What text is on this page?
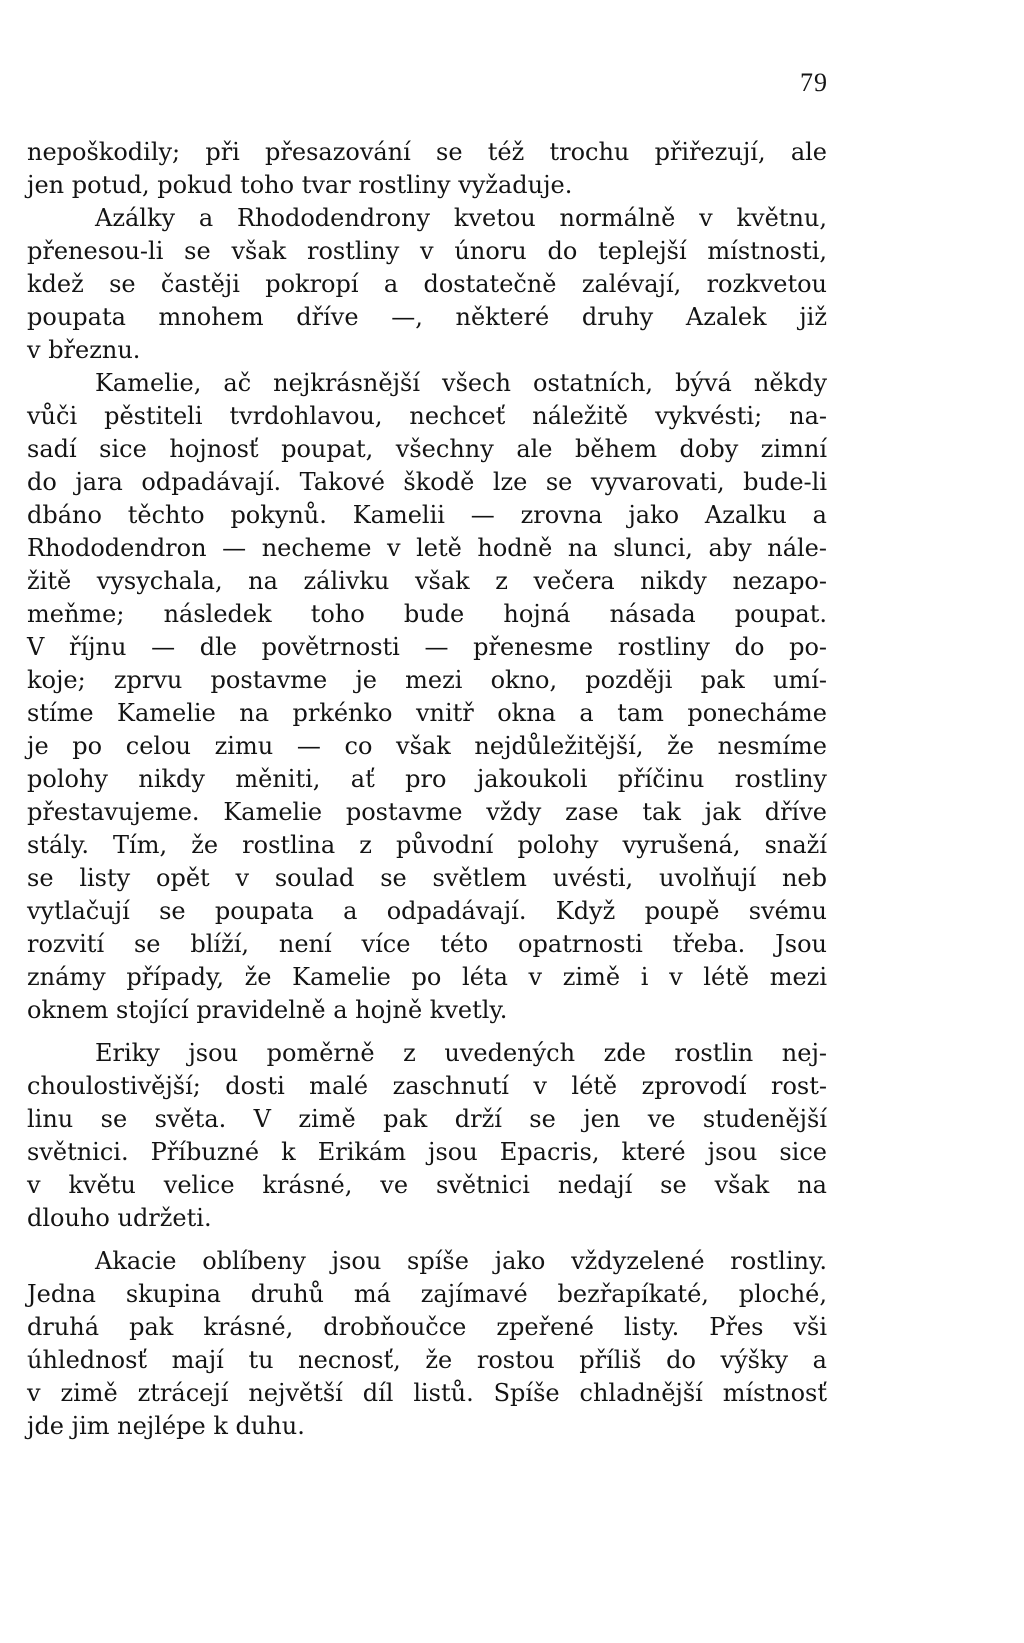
79
nepoškodily; při přesazování se též trochu přiřezují, ale
jen potud, pokud toho tvar rostliny vyžaduje.
Azálky a Rhododendrony kvetou normálně v květnu,
přenesou-li se však rostliny v únoru do teplejší místnosti,
kdež se častěji pokropí a dostatečně zalévají, rozkvetou
poupata mnohem dříve —, některé druhy Azalek již
v březnu.
Kamelie, ač nejkrásnější všech ostatních, bývá někdy
vůči pěstiteli tvrdohlavou, nechceť náležitě vykvésti; na-
sadí sice hojnosť poupat, všechny ale během doby zimní
do jara odpadávají. Takové škodě lze se vyvarovati, bude-li
dbáno těchto pokynů. Kamelii — zrovna jako Azalku a
Rhododendron — necheme v letě hodně na slunci, aby nále-
žitě vysychala, na zálivku však z večera nikdy nezapo-
meňme; následek toho bude hojná násada poupat.
V říjnu — dle povětrnosti — přenesme rostliny do po-
koje; zprvu postavme je mezi okno, později pak umí-
stíme Kamelie na prkénko vnitř okna a tam ponecháme
je po celou zimu — co však nejdůležitější, že nesmíme
polohy nikdy měniti, ať pro jakoukoli příčinu rostliny
přestavujeme. Kamelie postavme vždy zase tak jak dříve
stály. Tím, že rostlina z původní polohy vyrušená, snaží
se listy opět v soulad se světlem uvésti, uvolňují neb
vytlačují se poupata a odpadávají. Když poupě svému
rozvití se blíží, není více této opatrnosti třeba. Jsou
známy případy, že Kamelie po léta v zimě i v létě mezi
oknem stojící pravidelně a hojně kvetly.
Eriky jsou poměrně z uvedených zde rostlin nej-
choulostivější; dosti malé zaschnutí v létě zprovodí rost-
linu se světa. V zimě pak drží se jen ve studenější
světnici. Příbuzné k Erikám jsou Epacris, které jsou sice
v květu velice krásné, ve světnici nedají se však na
dlouho udržeti.
Akacie oblíbeny jsou spíše jako vždyzelené rostliny.
Jedna skupina druhů má zajímavé bezřapíkaté, ploché,
druhá pak krásné, drobňoučce zpeřené listy. Přes vši
úhlednosť mají tu necnosť, že rostou příliš do výšky a
v zimě ztrácejí největší díl listů. Spíše chladnější místnosť
jde jim nejlépe k duhu.
